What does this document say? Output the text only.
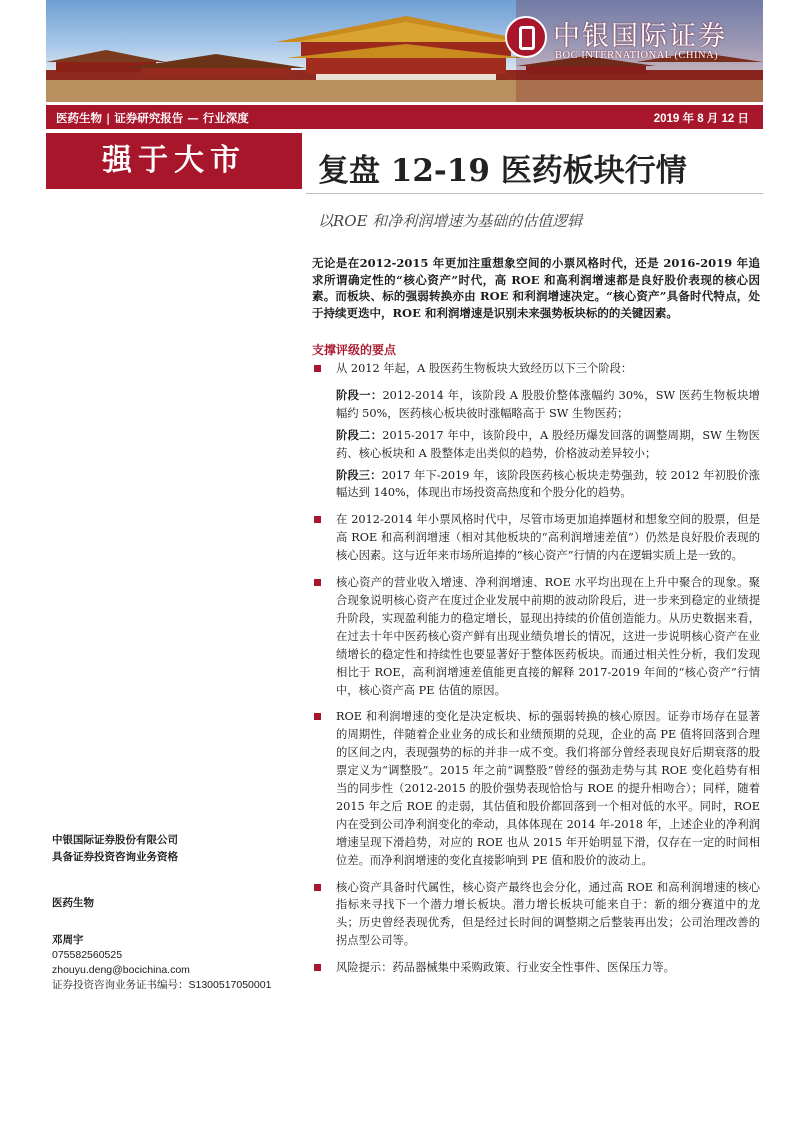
中银国际证券
BOC INTERNATIONAL (CHINA)
医药生物 | 证券研究报告 — 行业深度	2019 年 8 月 12 日
强于大市	复盘 12-19 医药板块行情
以ROE 和净利润增速为基础的估值逻辑
无论是在2012-2015 年更加注重想象空间的小票风格时代，还是 2016-2019 年追求所谓确定性的“核心资产”时代，高 ROE 和高利润增速都是良好股价表现的核心因素。而板块、标的强弱转换亦由 ROE 和利润增速决定。“核心资产”具备时代特点，处于持续更迭中，ROE 和利润增速是识别未来强势板块标的的关键因素。
支撑评级的要点
从 2012 年起，A 股医药生物板块大致经历以下三个阶段：
阶段一：2012-2014 年，该阶段 A 股股价整体涨幅约 30%，SW 医药生物板块增幅约 50%，医药核心板块彼时涨幅略高于 SW 生物医药；
阶段二：2015-2017 年中，该阶段中，A 股经历爆发回落的调整周期，SW 生物医药、核心板块和 A 股整体走出类似的趋势，价格波动差异较小；
阶段三：2017 年下-2019 年，该阶段医药核心板块走势强劲，较 2012 年初股价涨幅达到 140%，体现出市场投资高热度和个股分化的趋势。
在 2012-2014 年小票风格时代中，尽管市场更加追捧题材和想象空间的股票，但是高 ROE 和高利润增速（相对其他板块的“高利润增速差值”）仍然是良好股价表现的核心因素。这与近年来市场所追捧的“核心资产”行情的内在逻辑实质上是一致的。
核心资产的营业收入增速、净利润增速、ROE 水平均出现在上升中聚合的现象。聚合现象说明核心资产在度过企业发展中前期的波动阶段后，进一步来到稳定的业绩提升阶段，实现盈利能力的稳定增长，显现出持续的价值创造能力。从历史数据来看，在过去十年中医药核心资产鲜有出现业绩负增长的情况，这进一步说明核心资产在业绩增长的稳定性和持续性也要显著好于整体医药板块。而通过相关性分析，我们发现相比于 ROE，高利润增速差值能更直接的解释 2017-2019 年间的“核心资产”行情中，核心资产高 PE 估值的原因。
ROE 和利润增速的变化是决定板块、标的强弱转换的核心原因。证券市场存在显著的周期性，伴随着企业业务的成长和业绩预期的兑现，企业的高 PE 值将回落到合理的区间之内，表现强势的标的并非一成不变。我们将部分曾经表现良好后期衰落的股票定义为“调整股”。2015 年之前“调整股”曾经的强劲走势与其 ROE 变化趋势有相当的同步性（2012-2015 的股价强势表现恰恰与 ROE 的提升相吻合）；同样，随着 2015 年之后 ROE 的走弱，其估值和股价都回落到一个相对低的水平。同时，ROE 内在受到公司净利润变化的牵动，具体体现在 2014 年-2018 年，上述企业的净利润增速呈现下滑趋势，对应的 ROE 也从 2015 年开始明显下滑，仅存在一定的时间相位差。而净利润增速的变化直接影响到 PE 值和股价的波动上。
核心资产具备时代属性，核心资产最终也会分化，通过高 ROE 和高利润增速的核心指标来寻找下一个潜力增长板块。潜力增长板块可能来自于：新的细分赛道中的龙头；历史曾经表现优秀，但是经过长时间的调整期之后整装再出发；公司治理改善的拐点型公司等。
风险提示：药品器械集中采购政策、行业安全性事件、医保压力等。
中银国际证券股份有限公司
具备证券投资咨询业务资格
医药生物
邓周宇
07558256052​5
zhouyu.deng@bocichina.com
证券投资咨询业务证书编号：S1300517050001
